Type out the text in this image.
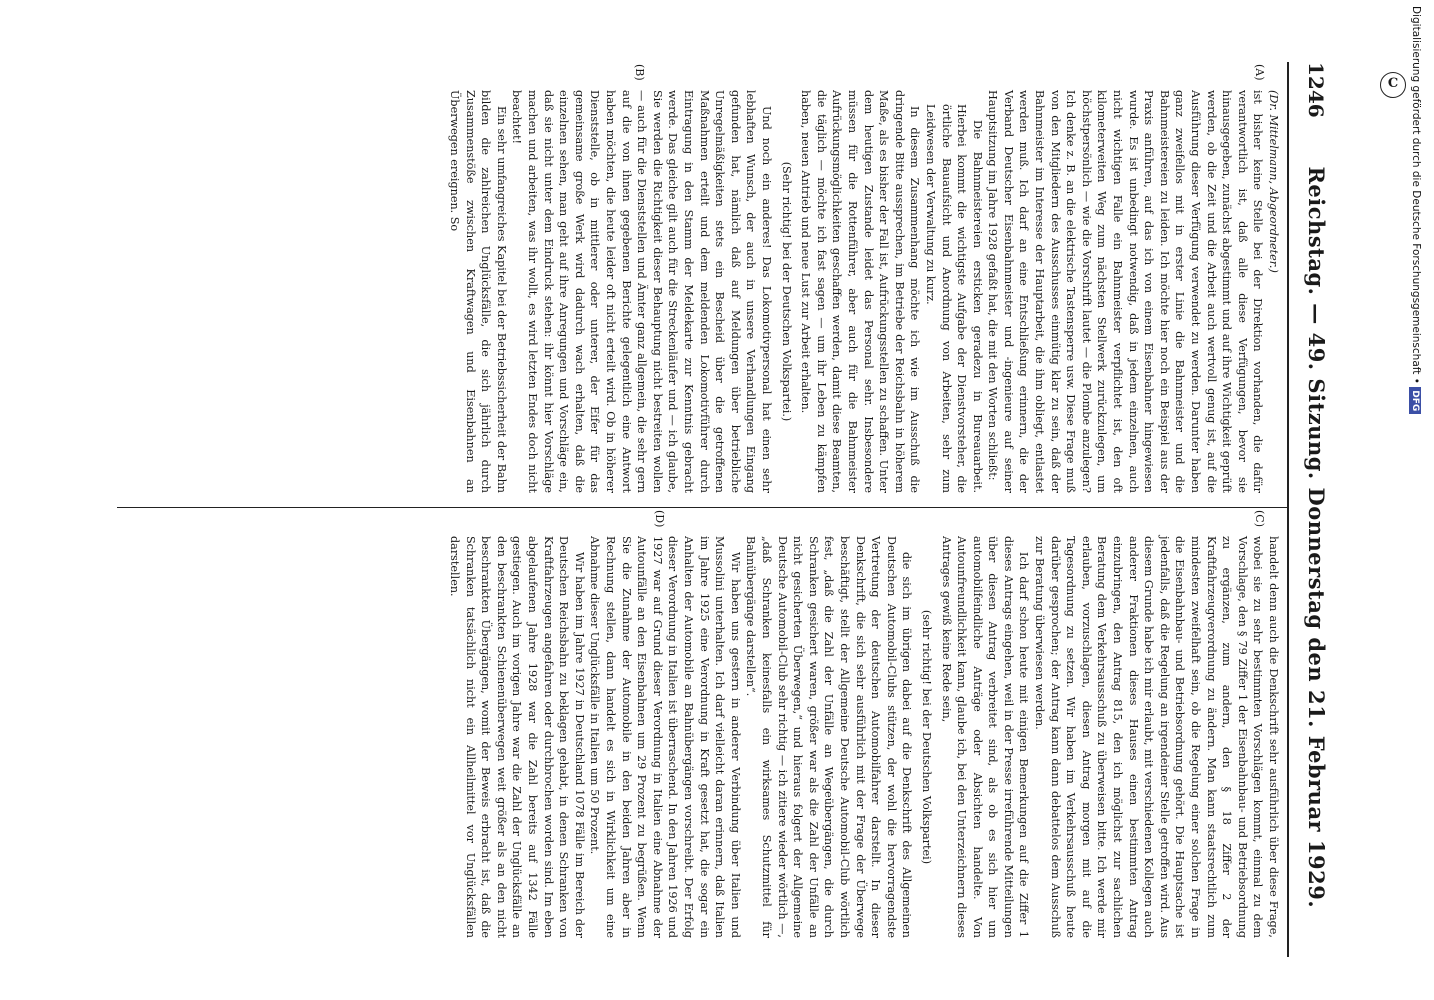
1246
Reichstag. — 49. Sitzung. Donnerstag den 21. Februar 1929.
(A)
(B)

(Dr. Mittelmann, Abgeordneter.)

ist bisher keine Stelle bei der Direktion vorhanden, die dafür verantwortlich ist, daß alle diese Verfügungen, bevor sie hinausgegeben, zunächst abgestimmt und auf ihre Wichtigkeit geprüft werden, ob die Zeit und die Arbeit auch wertvoll genug ist, auf die Ausführung dieser Verfügung verwendet zu werden. Darunter haben ganz zweifellos mit in erster Linie die Bahnmeister und die Bahnmeistereien zu leiden. Ich möchte hier noch ein Beispiel aus der Praxis anführen, auf das ich von einem Eisenbahner hingewiesen wurde. Es ist unbedingt notwendig, daß in jedem einzelnen, auch nicht wichtigen Falle ein Bahnmeister verpflichtet ist, den oft kilometerweiten Weg zum nächsten Stellwerk zurückzulegen, um höchstpersönlich — wie die Vorschrift lautet — die Plombe anzulegen? Ich denke z. B. an die elektrische Tastensperre usw. Diese Frage muß von den Mitgliedern des Ausschusses einmütig klar zu sein, daß der Bahnmeister im Interesse der Hauptarbeit, die ihm obliegt, entlastet werden muß. Ich darf an eine Entschließung erinnern, die der Verband Deutscher Eisenbahnmeister und -ingenieure auf seiner Hauptsitzung im Jahre 1928 gefaßt hat, die mit den Worten schließt:

Die Bahnmeistereien ersticken geradezu in Bureauarbeit. Hierbei kommt die wichtigste Aufgabe der Dienstvorsteher, die örtliche Bauaufsicht und Anordnung von Arbeiten, sehr zum Leidwesen der Verwaltung zu kurz.

In diesem Zusammenhang möchte ich wie im Ausschuß die dringende Bitte aussprechen, im Betriebe der Reichsbahn in höherem Maße, als es bisher der Fall ist, Aufrückungsstellen zu schaffen. Unter dem heutigen Zustande leidet das Personal sehr. Insbesondere müssen für die Rottenführer, aber auch für die Bahnmeister Aufrückungsmöglichkeiten geschaffen werden, damit diese Beamten, die täglich — möchte ich fast sagen — um ihr Leben zu kämpfen haben, neuen Antrieb und neue Lust zur Arbeit erhalten.

(Sehr richtig! bei der Deutschen Volkspartei.)

Und noch ein anderes! Das Lokomotivpersonal hat einen sehr lebhaften Wunsch, der auch in unsere Verhandlungen Eingang gefunden hat, nämlich daß auf Meldungen über betriebliche Unregelmäßigkeiten stets ein Bescheid über die getroffenen Maßnahmen erteilt und dem meldenden Lokomotivführer durch Eintragung in den Stamm der Meldekarte zur Kenntnis gebracht werde. Das gleiche gilt auch für die Streckenläufer und — ich glaube, Sie werden die Richtigkeit dieser Behauptung nicht bestreiten wollen — auch für die Dienststellen und Ämter ganz allgemein, die sehr gern auf die von ihnen gegebenen Berichte gelegentlich eine Antwort haben möchten, die heute leider oft nicht erteilt wird. Ob in höherer Dienststelle, ob in mittlerer oder unterer, der Eifer für das gemeinsame große Werk wird dadurch wach erhalten, daß die einzelnen sehen, man geht auf ihre Anregungen und Vorschläge ein, daß sie nicht unter dem Eindruck stehen: ihr könnt hier Vorschläge machen und arbeiten, was ihr wollt, es wird letzten Endes doch nicht beachtet!

Ein sehr umfangreiches Kapitel bei der Betriebssicherheit der Bahn bilden die zahlreichen Unglücksfälle, die sich jährlich durch Zusammenstöße zwischen Kraftwagen und Eisenbahnen an Überwegen ereignen. So

(C)
(D)

handelt denn auch die Denkschrift sehr ausführlich über diese Frage, wobei sie zu sehr bestimmten Vorschlägen kommt, einmal zu dem Vorschlage, den § 79 Ziffer 1 der Eisenbahnbau- und Betriebsordnung zu ergänzen, zum andern, den § 18 Ziffer 2 der Kraftfahrzeugverordnung zu ändern. Man kann staatsrechtlich zum mindesten zweifelhaft sein, ob die Regelung einer solchen Frage in die Eisenbahnbau- und Betriebsordnung gehört. Die Hauptsache ist jedenfalls, daß die Regelung an irgendeiner Stelle getroffen wird. Aus diesem Grunde habe ich mir erlaubt, mit verschiedenen Kollegen auch anderer Fraktionen dieses Hauses einen bestimmten Antrag einzubringen, den Antrag 815, den ich möglichst zur sachlichen Beratung dem Verkehrsausschuß zu überweisen bitte. Ich werde mir erlauben, vorzuschlagen, diesen Antrag morgen mit auf die Tagesordnung zu setzen. Wir haben im Verkehrsausschuß heute darüber gesprochen; der Antrag kann dann debattelos dem Ausschuß zur Beratung überwiesen werden.

Ich darf schon heute mit einigen Bemerkungen auf die Ziffer 1 dieses Antrags eingehen, weil in der Presse irreführende Mitteilungen über diesen Antrag verbreitet sind, als ob es sich hier um automobilfeindliche Anträge oder Absichten handelte. Von Autounfreundlichkeit kann, glaube ich, bei den Unterzeichnern dieses Antrages gewiß keine Rede sein,

(sehr richtig! bei der Deutschen Volkspartei)

die sich im übrigen dabei auf die Denkschrift des Allgemeinen Deutschen Automobil-Clubs stützen, der wohl die hervorragendste Vertretung der deutschen Automobilfahrer darstellt. In dieser Denkschrift, die sich sehr ausführlich mit der Frage der Überwege beschäftigt, stellt der Allgemeine Deutsche Automobil-Club wörtlich fest, „daß die Zahl der Unfälle an Wegeübergängen, die durch Schranken gesichert waren, größer war als die Zahl der Unfälle an nicht gesicherten Überwegen,“ und hieraus folgert der Allgemeine Deutsche Automobil-Club sehr richtig — ich zitiere wieder wörtlich —, „daß Schranken keinesfalls ein wirksames Schutzmittel für Bahnübergänge darstellen“.

Wir haben uns gestern in anderer Verbindung über Italien und Mussolini unterhalten. Ich darf vielleicht daran erinnern, daß Italien im Jahre 1925 eine Verordnung in Kraft gesetzt hat, die sogar ein Anhalten der Automobile an Bahnübergängen vorschreibt. Der Erfolg dieser Verordnung in Italien ist überraschend. In den Jahren 1926 und 1927 war auf Grund dieser Verordnung in Italien eine Abnahme der Autounfälle an den Eisenbahnen um 29 Prozent zu begrüßen. Wenn Sie die Zunahme der Automobile in den beiden Jahren aber in Rechnung stellen, dann handelt es sich in Wirklichkeit um eine Abnahme dieser Unglücksfälle in Italien um 50 Prozent.

Wir haben im Jahre 1927 in Deutschland 1078 Fälle im Bereich der Deutschen Reichsbahn zu beklagen gehabt, in denen Schranken von Kraftfahrzeugen angefahren oder durchbrochen worden sind. Im eben abgelaufenen Jahre 1928 war die Zahl bereits auf 1342 Fälle gestiegen. Auch im vorigen Jahre war die Zahl der Unglücksfälle an den beschrankten Schienenüberwegen weit größer als an den nicht beschrankten Übergängen, womit der Beweis erbracht ist, daß die Schranken tatsächlich nicht ein Allheilmittel vor Unglücksfällen darstellen.

C	Digitalisierung gefördert durch die Deutsche Forschungsgemeinschaft • DFG
